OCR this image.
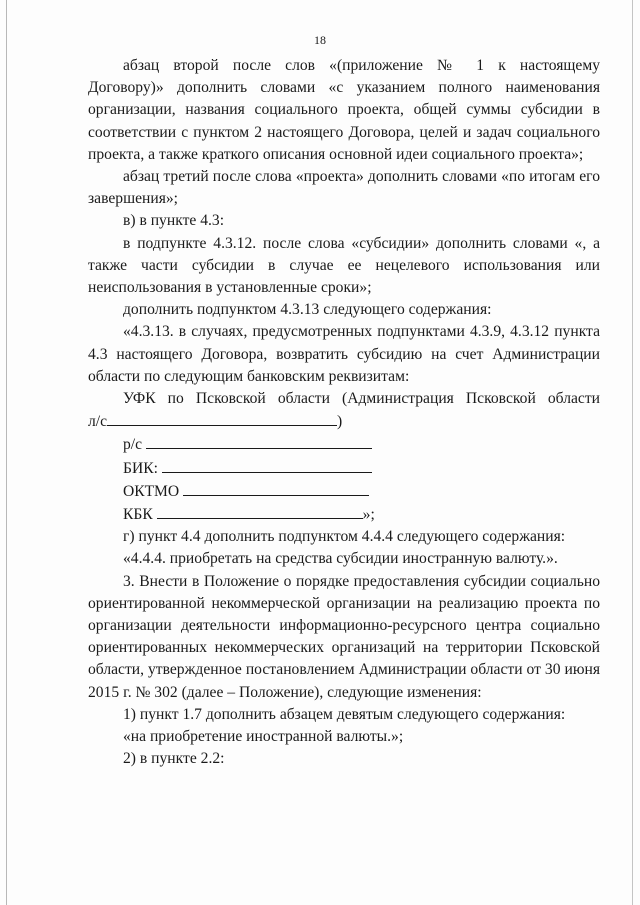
18

абзац второй после слов «(приложение № 1 к настоящему

Договору)» дополнить словами «с указанием полного наименования организации, названия социального проекта, общей суммы субсидии в соответствии с пунктом 2 настоящего Договора, целей и задач социального проекта, а также краткого описания основной идеи социального проекта»;

абзац третий после слова «проекта» дополнить словами «по итогам его завершения»;

в) в пункте 4.3:

в подпункте 4.3.12. после слова «субсидии» дополнить словами «, а также части субсидии в случае ее нецелевого использования или неиспользования в установленные сроки»;

дополнить подпунктом 4.3.13 следующего содержания:

«4.3.13. в случаях, предусмотренных подпунктами 4.3.9, 4.3.12 пункта 4.3 настоящего Договора, возвратить субсидию на счет Администрации области по следующим банковским реквизитам:

УФК по Псковской области (Администрация Псковской области

л/с	)

р/с

БИК:

ОКТМО

КБК	»;

г) пункт 4.4 дополнить подпунктом 4.4.4 следующего содержания:

«4.4.4. приобретать на средства субсидии иностранную валюту.».

3. Внести в Положение о порядке предоставления субсидии социально ориентированной некоммерческой организации на реализацию проекта по организации деятельности информационно-ресурсного центра социально ориентированных некоммерческих организаций на территории Псковской области, утвержденное постановлением Администрации области от 30 июня 2015 г. № 302 (далее – Положение), следующие изменения:

1) пункт 1.7 дополнить абзацем девятым следующего содержания:

«на приобретение иностранной валюты.»;

2) в пункте 2.2:
